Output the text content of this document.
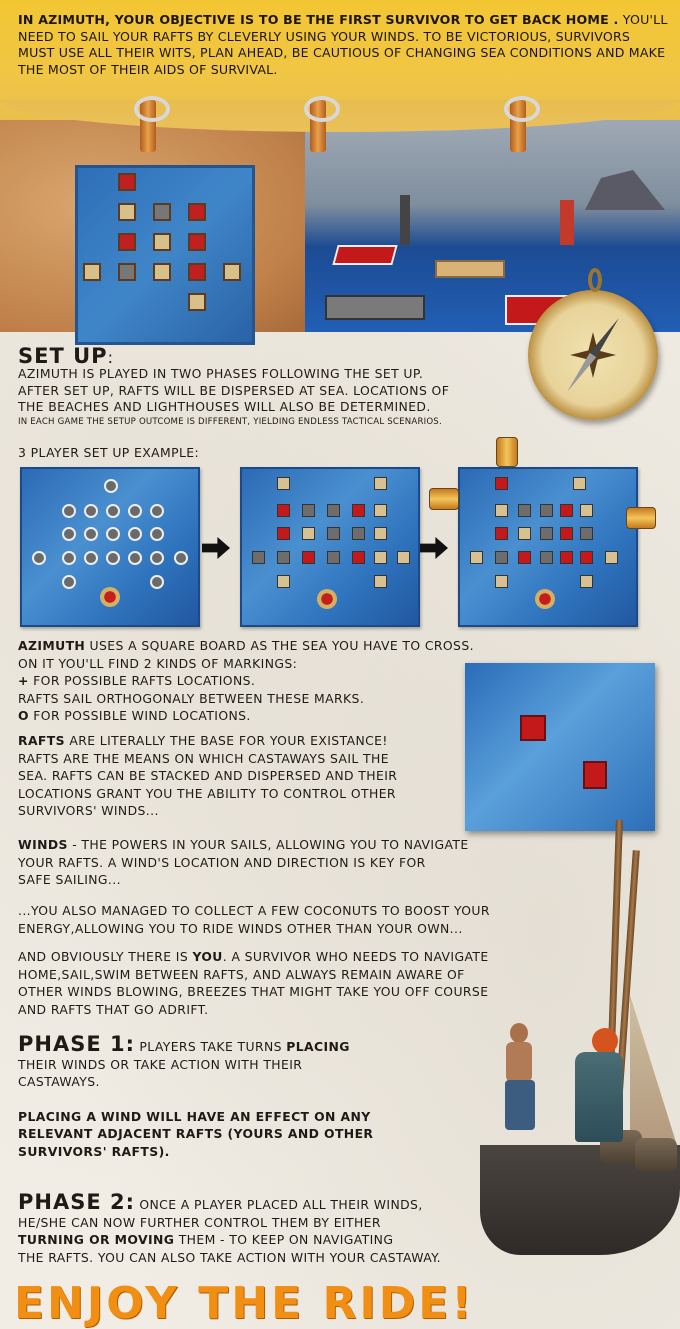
IN AZIMUTH, YOUR OBJECTIVE IS TO BE THE FIRST SURVIVOR TO GET BACK HOME . YOU'LL NEED TO SAIL YOUR RAFTS BY CLEVERLY USING YOUR WINDS. TO BE VICTORIOUS, SURVIVORS MUST USE ALL THEIR WITS, PLAN AHEAD, BE CAUTIOUS OF CHANGING SEA CONDITIONS AND MAKE THE MOST OF THEIR AIDS OF SURVIVAL.
SET UP:
AZIMUTH IS PLAYED IN TWO PHASES FOLLOWING THE SET UP.
AFTER SET UP, RAFTS WILL BE DISPERSED AT SEA. LOCATIONS OF
THE BEACHES AND LIGHTHOUSES WILL ALSO BE DETERMINED.
IN EACH GAME THE SETUP OUTCOME IS DIFFERENT, YIELDING ENDLESS TACTICAL SCENARIOS.
3 PLAYER SET UP EXAMPLE:
AZIMUTH USES A SQUARE BOARD AS THE SEA YOU HAVE TO CROSS.
ON IT YOU'LL FIND 2 KINDS OF MARKINGS:
+ FOR POSSIBLE RAFTS LOCATIONS.
RAFTS SAIL ORTHOGONALY BETWEEN THESE MARKS.
O FOR POSSIBLE WIND LOCATIONS.
RAFTS ARE LITERALLY THE BASE FOR YOUR EXISTANCE!
RAFTS ARE THE MEANS ON WHICH CASTAWAYS SAIL THE
SEA. RAFTS CAN BE STACKED AND DISPERSED AND THEIR
LOCATIONS GRANT YOU THE ABILITY TO CONTROL OTHER
SURVIVORS' WINDS...
WINDS - THE POWERS IN YOUR SAILS, ALLOWING YOU TO NAVIGATE
YOUR RAFTS. A WIND'S LOCATION AND DIRECTION IS KEY FOR
SAFE SAILING...
...YOU ALSO MANAGED TO COLLECT A FEW COCONUTS TO BOOST YOUR
ENERGY,ALLOWING YOU TO RIDE WINDS OTHER THAN YOUR OWN...
AND OBVIOUSLY THERE IS YOU. A SURVIVOR WHO NEEDS TO NAVIGATE
HOME,SAIL,SWIM BETWEEN RAFTS, AND ALWAYS REMAIN AWARE OF
OTHER WINDS BLOWING, BREEZES THAT MIGHT TAKE YOU OFF COURSE
AND RAFTS THAT GO ADRIFT.
PHASE 1: PLAYERS TAKE TURNS PLACING
THEIR WINDS OR TAKE ACTION WITH THEIR
CASTAWAYS.
PLACING A WIND WILL HAVE AN EFFECT ON ANY
RELEVANT ADJACENT RAFTS (YOURS AND OTHER
SURVIVORS' RAFTS).
PHASE 2: ONCE A PLAYER PLACED ALL THEIR WINDS,
HE/SHE CAN NOW FURTHER CONTROL THEM BY EITHER
TURNING OR MOVING THEM - TO KEEP ON NAVIGATING
THE RAFTS. YOU CAN ALSO TAKE ACTION WITH YOUR CASTAWAY.
ENJOY THE RIDE!
